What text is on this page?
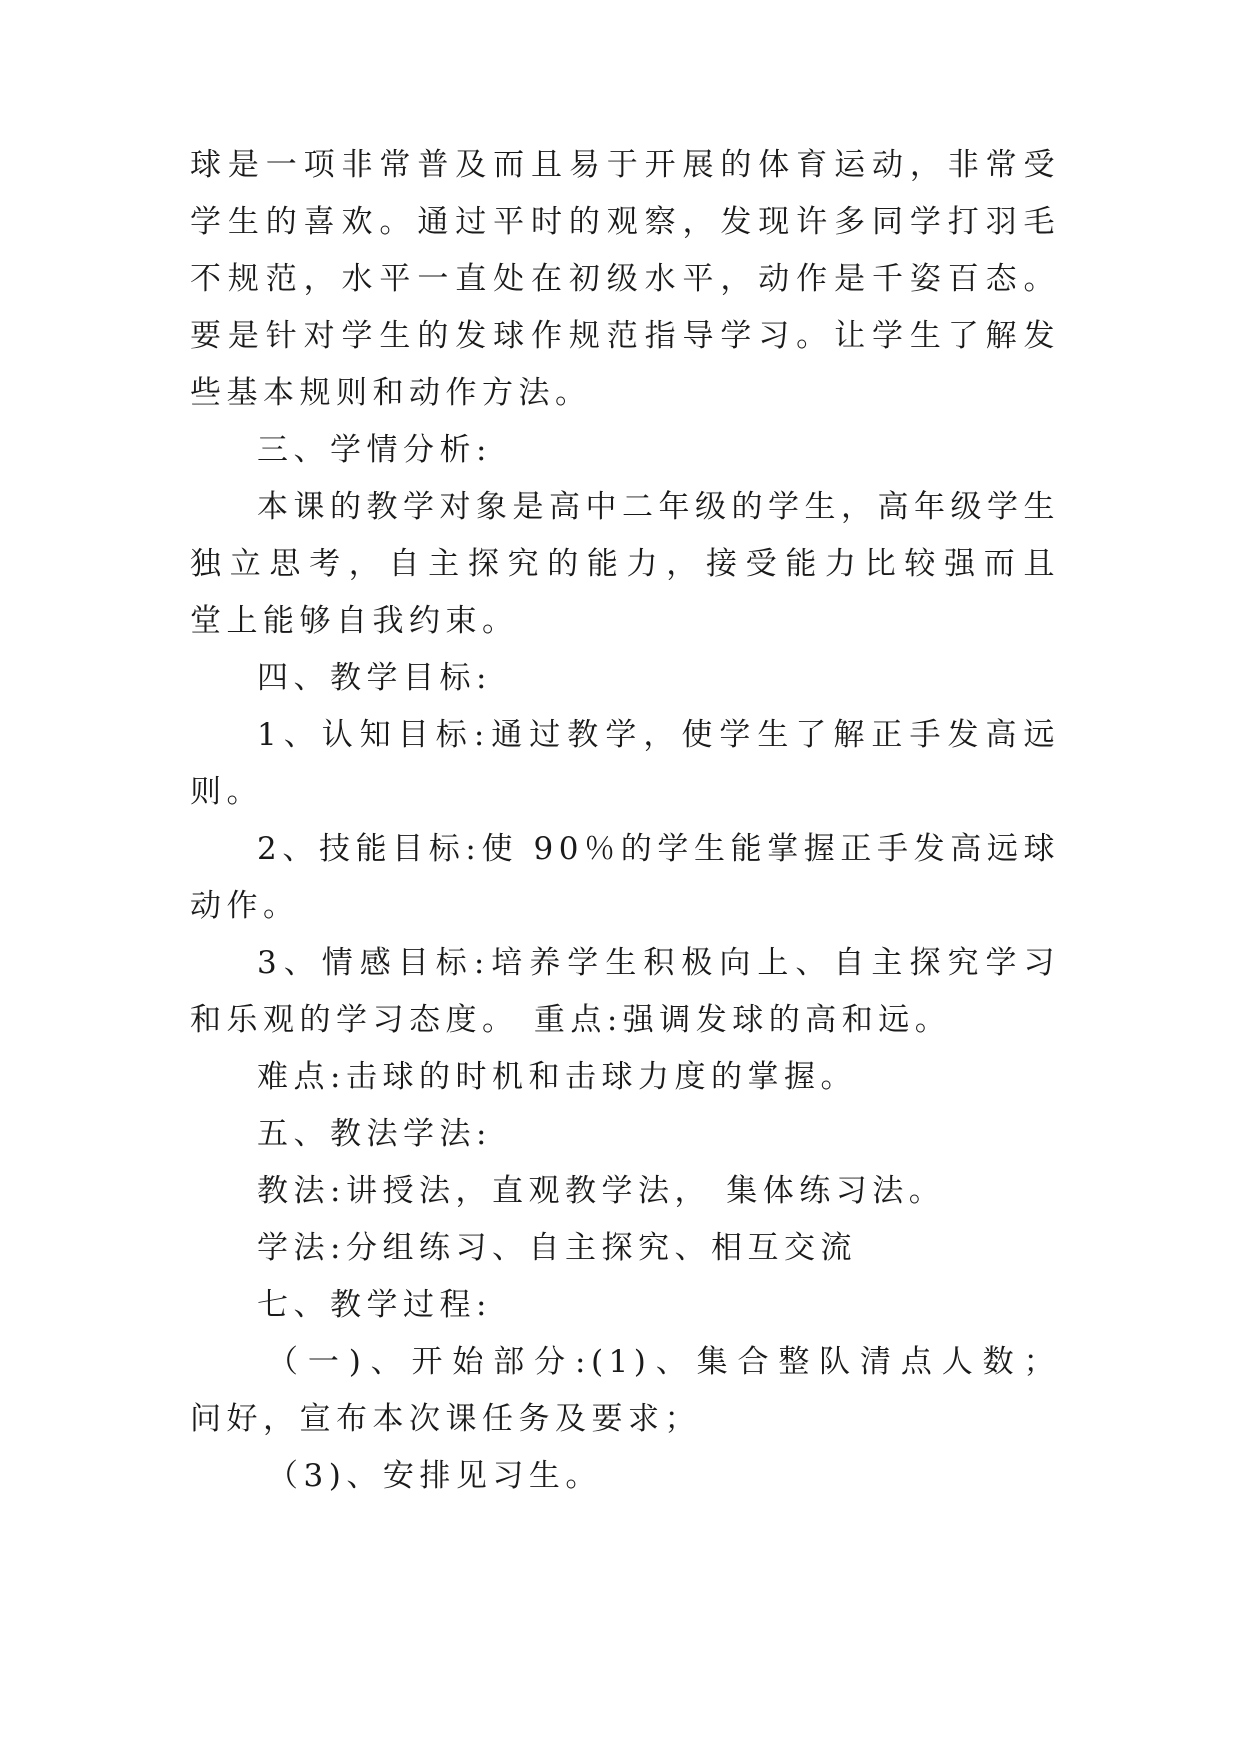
球是一项非常普及而且易于开展的体育运动，非常受
学生的喜欢。通过平时的观察，发现许多同学打羽毛
不规范，水平一直处在初级水平，动作是千姿百态。
要是针对学生的发球作规范指导学习。让学生了解发
些基本规则和动作方法。
三、学情分析:
本课的教学对象是高中二年级的学生，高年级学生
独立思考，自主探究的能力，接受能力比较强而且
堂上能够自我约束。
四、教学目标:
1、认知目标:通过教学，使学生了解正手发高远
则。
2、技能目标:使 90％的学生能掌握正手发高远球
动作。
3、情感目标:培养学生积极向上、自主探究学习
和乐观的学习态度。 重点:强调发球的高和远。
难点:击球的时机和击球力度的掌握。
五、教法学法:
教法:讲授法，直观教学法， 集体练习法。
学法:分组练习、自主探究、相互交流
七、教学过程:
（一)、开始部分:(1)、集合整队清点人数；
问好，宣布本次课任务及要求；
（3)、安排见习生。
